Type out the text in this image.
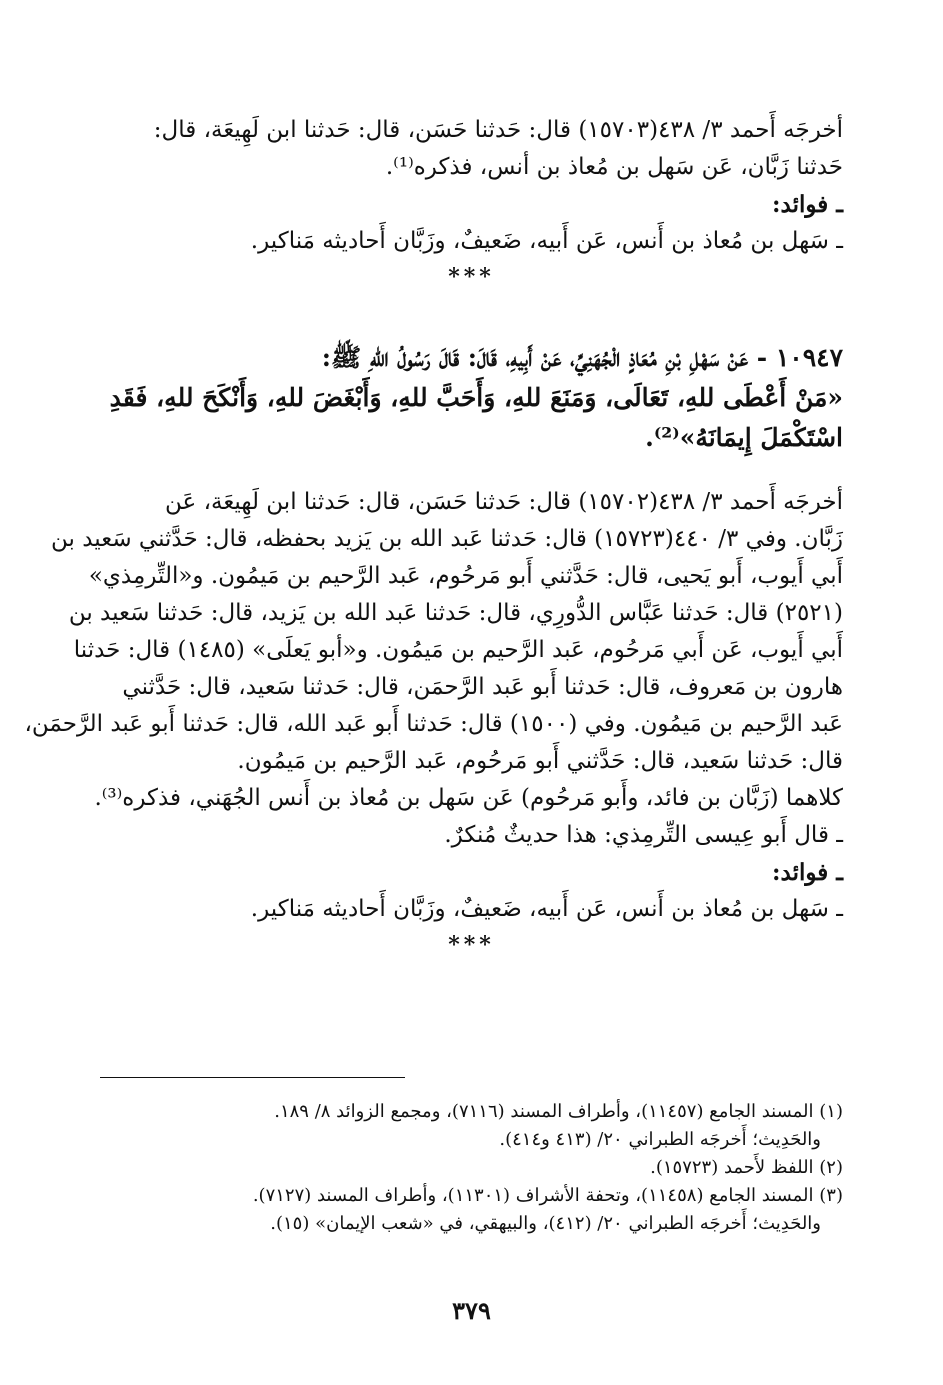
أخرجَه أَحمد ٣/ ٤٣٨(١٥٧٠٣) قال: حَدثنا حَسَن، قال: حَدثنا ابن لَهِيعَة، قال:
حَدثنا زَبَّان، عَن سَهل بن مُعاذ بن أنس، فذكره⁽¹⁾.
ـ فوائد:
ـ سَهل بن مُعاذ بن أَنس، عَن أَبيه، ضَعيفٌ، وزَبَّان أَحاديثه مَناكير.
***
١٠٩٤٧ - عَنْ سَهْلِ بْنِ مُعَاذٍ الْجُهَنِيِّ، عَنْ أَبِيهِ، قَالَ: قَالَ رَسُولُ اللهِ ﷺ:
«مَنْ أَعْطَى للهِ، تَعَالَى، وَمَنَعَ للهِ، وَأَحَبَّ للهِ، وَأَبْغَضَ للهِ، وَأَنْكَحَ للهِ، فَقَدِ
اسْتَكْمَلَ إِيمَانَهُ»⁽²⁾.
أخرجَه أَحمد ٣/ ٤٣٨(١٥٧٠٢) قال: حَدثنا حَسَن، قال: حَدثنا ابن لَهِيعَة، عَن
زَبَّان. وفي ٣/ ٤٤٠(١٥٧٢٣) قال: حَدثنا عَبد الله بن يَزيد بحفظه، قال: حَدَّثني سَعيد بن
أَبي أَيوب، أَبو يَحيى، قال: حَدَّثني أَبو مَرحُوم، عَبد الرَّحيم بن مَيمُون. و«التِّرمِذي»
(٢٥٢١) قال: حَدثنا عَبَّاس الدُّورِي، قال: حَدثنا عَبد الله بن يَزيد، قال: حَدثنا سَعيد بن
أَبي أَيوب، عَن أَبي مَرحُوم، عَبد الرَّحيم بن مَيمُون. و«أبو يَعلَى» (١٤٨٥) قال: حَدثنا
هارون بن مَعروف، قال: حَدثنا أَبو عَبد الرَّحمَن، قال: حَدثنا سَعيد، قال: حَدَّثني
عَبد الرَّحيم بن مَيمُون. وفي (١٥٠٠) قال: حَدثنا أَبو عَبد الله، قال: حَدثنا أَبو عَبد الرَّحمَن،
قال: حَدثنا سَعيد، قال: حَدَّثني أَبو مَرحُوم، عَبد الرَّحيم بن مَيمُون.
كلاهما (زَبَّان بن فائد، وأَبو مَرحُوم) عَن سَهل بن مُعاذ بن أَنس الجُهَني، فذكره⁽³⁾.
ـ قال أَبو عِيسى التِّرمِذي: هذا حديثٌ مُنكرٌ.
ـ فوائد:
ـ سَهل بن مُعاذ بن أَنس، عَن أَبيه، ضَعيفٌ، وزَبَّان أَحاديثه مَناكير.
***
(١) المسند الجامع (١١٤٥٧)، وأطراف المسند (٧١١٦)، ومجمع الزوائد ٨/ ١٨٩.
والحَدِيث؛ أَخرجَه الطبراني ٢٠/ (٤١٣ و٤١٤).
(٢) اللفظ لأَحمد (١٥٧٢٣).
(٣) المسند الجامع (١١٤٥٨)، وتحفة الأشراف (١١٣٠١)، وأطراف المسند (٧١٢٧).
والحَدِيث؛ أَخرجَه الطبراني ٢٠/ (٤١٢)، والبيهقي، في «شعب الإيمان» (١٥).
٣٧٩
